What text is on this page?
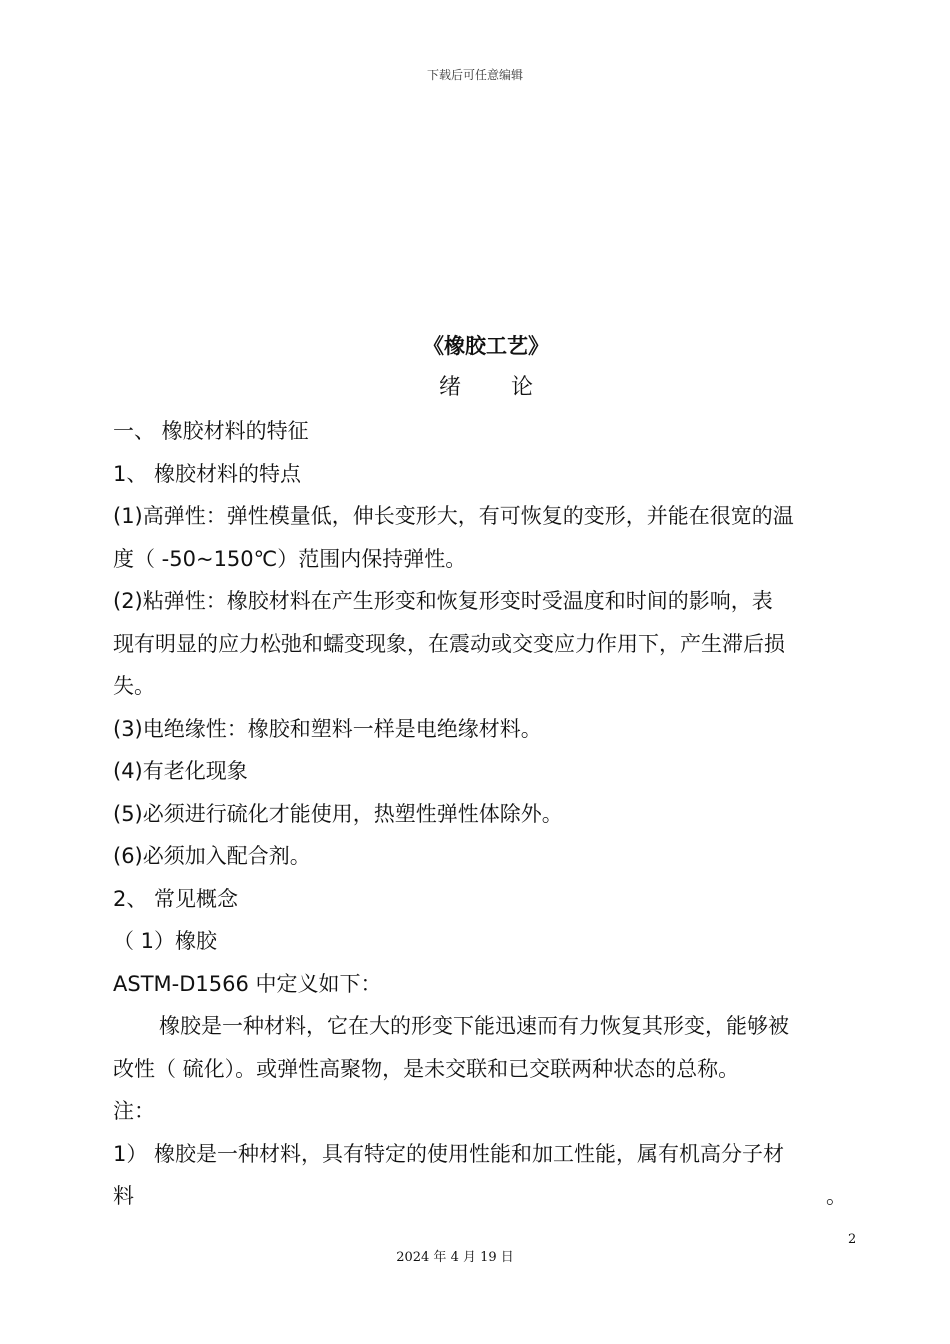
下载后可任意编辑
《橡胶工艺》
绪 论
一、 橡胶材料的特征
1、 橡胶材料的特点
(1)高弹性：弹性模量低，伸长变形大，有可恢复的变形，并能在很宽的温
度（ -50~150℃）范围内保持弹性。
(2)粘弹性：橡胶材料在产生形变和恢复形变时受温度和时间的影响，表
现有明显的应力松弛和蠕变现象，在震动或交变应力作用下，产生滞后损
失。
(3)电绝缘性：橡胶和塑料一样是电绝缘材料。
(4)有老化现象
(5)必须进行硫化才能使用，热塑性弹性体除外。
(6)必须加入配合剂。
2、 常见概念
（ 1）橡胶
ASTM-D1566 中定义如下：
橡胶是一种材料，它在大的形变下能迅速而有力恢复其形变，能够被
改性（ 硫化）。或弹性高聚物，是未交联和已交联两种状态的总称。
注：
1） 橡胶是一种材料，具有特定的使用性能和加工性能，属有机高分子材
料	。
2
2024 年 4 月 19 日
